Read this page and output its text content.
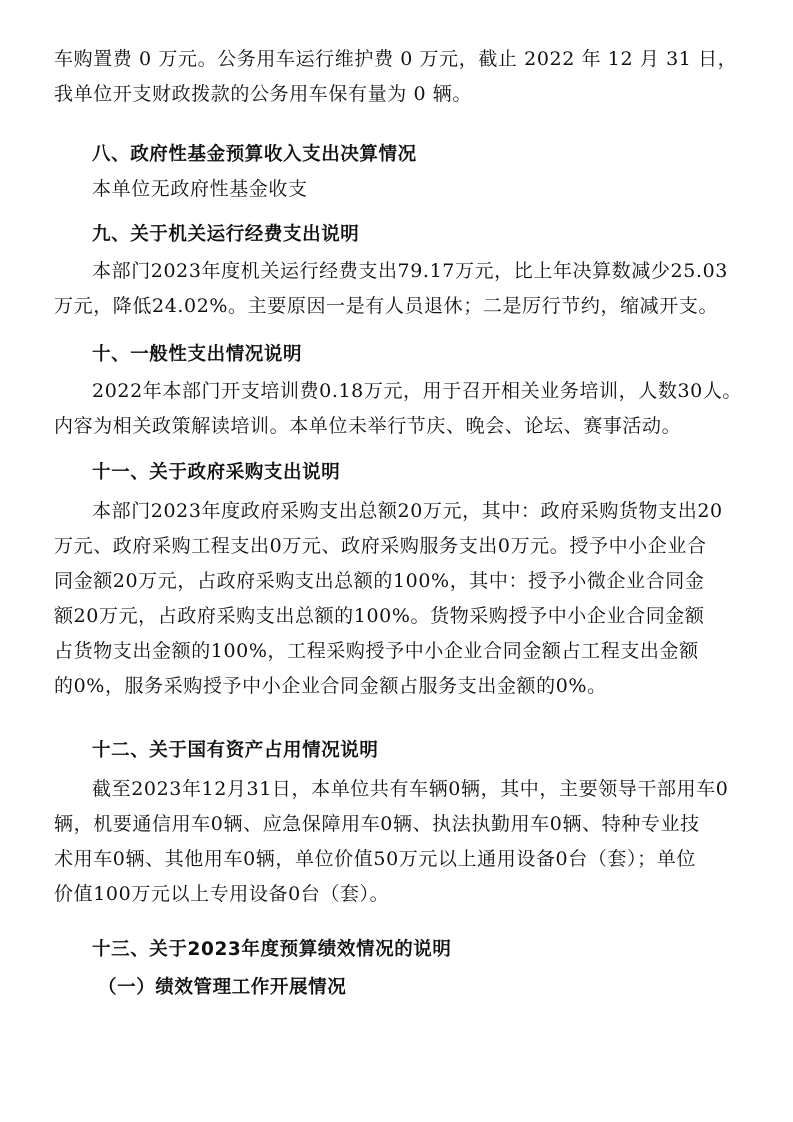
车购置费 0 万元。公务用车运行维护费 0 万元，截止 2022 年 12 月 31 日，
我单位开支财政拨款的公务用车保有量为 0 辆。
八、政府性基金预算收入支出决算情况
本单位无政府性基金收支
九、关于机关运行经费支出说明
本部门2023年度机关运行经费支出79.17万元，比上年决算数减少25.03
万元，降低24.02%。主要原因一是有人员退休；二是厉行节约，缩减开支。
十、一般性支出情况说明
2022年本部门开支培训费0.18万元，用于召开相关业务培训，人数30人。
内容为相关政策解读培训。本单位未举行节庆、晚会、论坛、赛事活动。
十一、关于政府采购支出说明
本部门2023年度政府采购支出总额20万元，其中：政府采购货物支出20
万元、政府采购工程支出0万元、政府采购服务支出0万元。授予中小企业合
同金额20万元，占政府采购支出总额的100%，其中：授予小微企业合同金
额20万元，占政府采购支出总额的100%。货物采购授予中小企业合同金额
占货物支出金额的100%，工程采购授予中小企业合同金额占工程支出金额
的0%，服务采购授予中小企业合同金额占服务支出金额的0%。
十二、关于国有资产占用情况说明
截至2023年12月31日，本单位共有车辆0辆，其中，主要领导干部用车0
辆，机要通信用车0辆、应急保障用车0辆、执法执勤用车0辆、特种专业技
术用车0辆、其他用车0辆，单位价值50万元以上通用设备0台（套）；单位
价值100万元以上专用设备0台（套）。
十三、关于2023年度预算绩效情况的说明
（一）绩效管理工作开展情况
